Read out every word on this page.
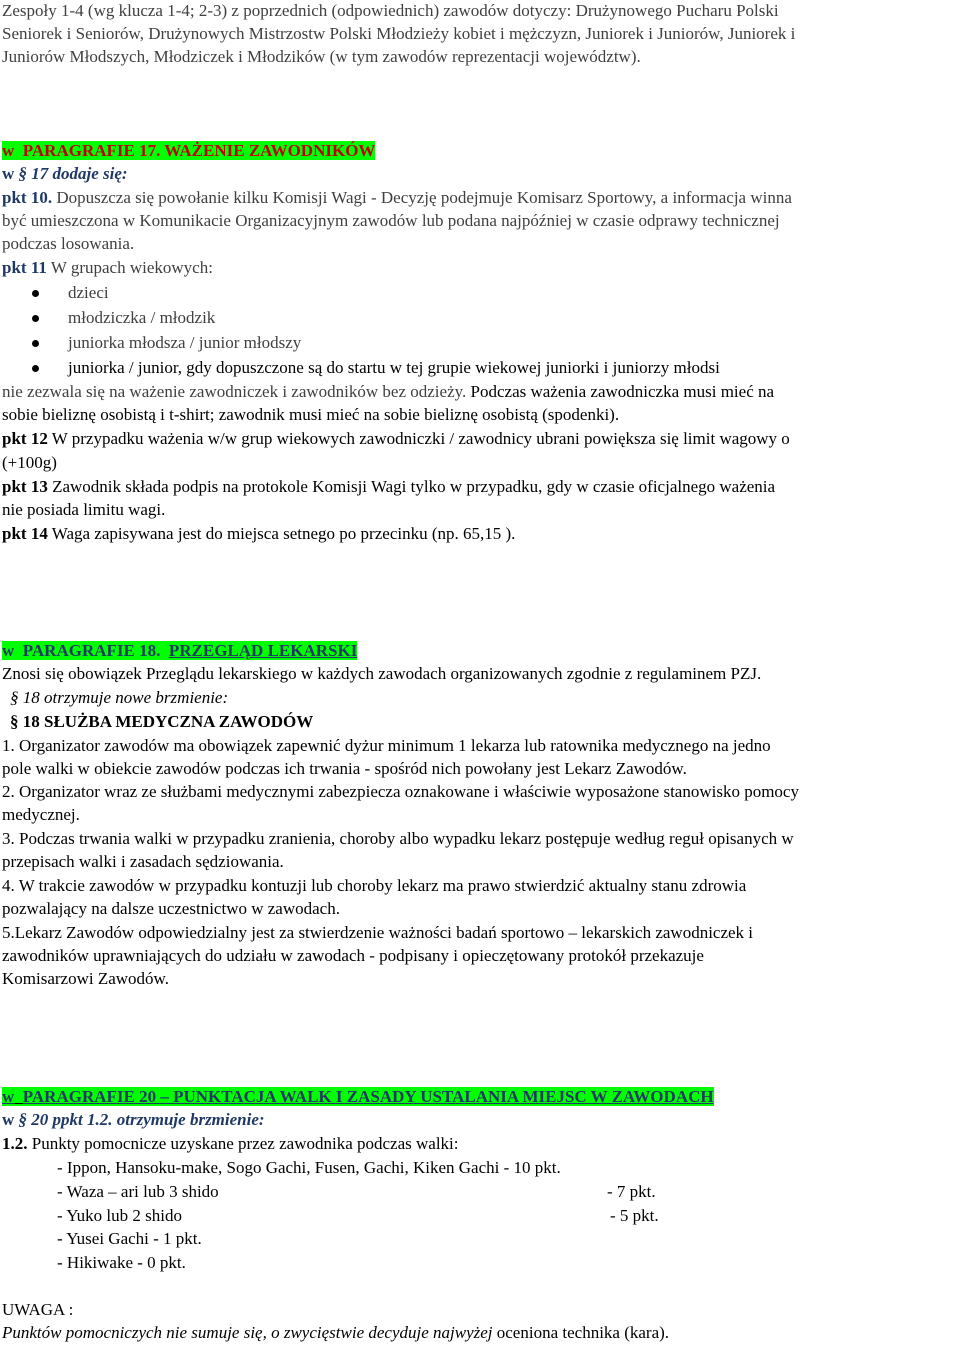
Zespoły 1-4 (wg klucza 1-4; 2-3) z poprzednich (odpowiednich) zawodów dotyczy: Drużynowego Pucharu Polski
Seniorek i Seniorów, Drużynowych Mistrzostw Polski Młodzieży kobiet i mężczyzn, Juniorek i Juniorów, Juniorek i
Juniorów Młodszych, Młodziczek i Młodzików (w tym zawodów reprezentacji województw).
w PARAGRAFIE 17. WAŻENIE ZAWODNIKÓW
w § 17 dodaje się:
pkt 10. Dopuszcza się powołanie kilku Komisji Wagi - Decyzję podejmuje Komisarz Sportowy, a informacja winna
być umieszczona w Komunikacie Organizacyjnym zawodów lub podana najpóźniej w czasie odprawy technicznej
podczas losowania.
pkt 11 W grupach wiekowych:
dzieci
młodziczka / młodzik
juniorka młodsza / junior młodszy
juniorka / junior, gdy dopuszczone są do startu w tej grupie wiekowej juniorki i juniorzy młodsi
nie zezwala się na ważenie zawodniczek i zawodników bez odzieży. Podczas ważenia zawodniczka musi mieć na
sobie bieliznę osobistą i t-shirt; zawodnik musi mieć na sobie bieliznę osobistą (spodenki).
pkt 12 W przypadku ważenia w/w grup wiekowych zawodniczki / zawodnicy ubrani powiększa się limit wagowy o
(+100g)
pkt 13 Zawodnik składa podpis na protokole Komisji Wagi tylko w przypadku, gdy w czasie oficjalnego ważenia
nie posiada limitu wagi.
pkt 14 Waga zapisywana jest do miejsca setnego po przecinku (np. 65,15 ).
w PARAGRAFIE 18. PRZEGLĄD LEKARSKI
Znosi się obowiązek Przeglądu lekarskiego w każdych zawodach organizowanych zgodnie z regulaminem PZJ.
§ 18 otrzymuje nowe brzmienie:
§ 18 SŁUŻBA MEDYCZNA ZAWODÓW
1. Organizator zawodów ma obowiązek zapewnić dyżur minimum 1 lekarza lub ratownika medycznego na jedno
pole walki w obiekcie zawodów podczas ich trwania - spośród nich powołany jest Lekarz Zawodów.
2. Organizator wraz ze służbami medycznymi zabezpiecza oznakowane i właściwie wyposażone stanowisko pomocy
medycznej.
3. Podczas trwania walki w przypadku zranienia, choroby albo wypadku lekarz postępuje według reguł opisanych w
przepisach walki i zasadach sędziowania.
4. W trakcie zawodów w przypadku kontuzji lub choroby lekarz ma prawo stwierdzić aktualny stanu zdrowia
pozwalający na dalsze uczestnictwo w zawodach.
5.Lekarz Zawodów odpowiedzialny jest za stwierdzenie ważności badań sportowo – lekarskich zawodniczek i
zawodników uprawniających do udziału w zawodach - podpisany i opieczętowany protokół przekazuje
Komisarzowi Zawodów.
w PARAGRAFIE 20 – PUNKTACJA WALK I ZASADY USTALANIA MIEJSC W ZAWODACH
w § 20 ppkt 1.2. otrzymuje brzmienie:
1.2. Punkty pomocnicze uzyskane przez zawodnika podczas walki:
- Ippon, Hansoku-make, Sogo Gachi, Fusen, Gachi, Kiken Gachi - 10 pkt.
- Waza – ari lub 3 shido	- 7 pkt.
- Yuko lub 2 shido	- 5 pkt.
- Yusei Gachi - 1 pkt.
- Hikiwake - 0 pkt.
UWAGA :
Punktów pomocniczych nie sumuje się, o zwycięstwie decyduje najwyżej oceniona technika (kara).
